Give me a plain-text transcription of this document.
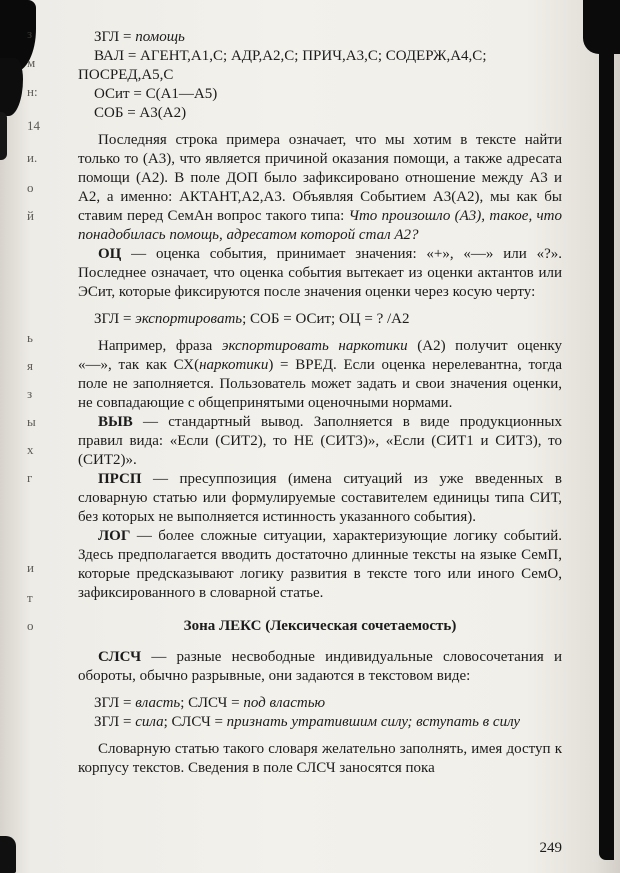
ЗГЛ = помощь
ВАЛ = АГЕНТ,А1,С; АДР,А2,С; ПРИЧ,А3,С; СОДЕРЖ,А4,С; ПОСРЕД,А5,С
ОСит = С(А1—А5)
СОБ = А3(А2)
Последняя строка примера означает, что мы хотим в тексте найти только то (А3), что является причиной оказания помощи, а также адресата помощи (А2). В поле ДОП было зафиксировано отношение между А3 и А2, а именно: АКТАНТ,А2,А3. Объявляя Событием А3(А2), мы как бы ставим перед СемАн вопрос такого типа: Что произошло (А3), такое, что понадобилась помощь, адресатом которой стал А2?
ОЦ — оценка события, принимает значения: «+», «—» или «?». Последнее означает, что оценка события вытекает из оценки актантов или ЭСит, которые фиксируются после значения оценки через косую черту:
ЗГЛ = экспортировать; СОБ = ОСит; ОЦ = ? /А2
Например, фраза экспортировать наркотики (А2) получит оценку «—», так как СХ(наркотики) = ВРЕД. Если оценка нерелевантна, тогда поле не заполняется. Пользователь может задать и свои значения оценки, не совпадающие с общепринятыми оценочными нормами.
ВЫВ — стандартный вывод. Заполняется в виде продукционных правил вида: «Если (СИТ2), то НЕ (СИТ3)», «Если (СИТ1 и СИТ3), то (СИТ2)».
ПРСП — пресуппозиция (имена ситуаций из уже введенных в словарную статью или формулируемые составителем единицы типа СИТ, без которых не выполняется истинность указанного события).
ЛОГ — более сложные ситуации, характеризующие логику событий. Здесь предполагается вводить достаточно длинные тексты на языке СемП, которые предсказывают логику развития в тексте того или иного СемО, зафиксированного в словарной статье.
Зона ЛЕКС (Лексическая сочетаемость)
СЛСЧ — разные несвободные индивидуальные словосочетания и обороты, обычно разрывные, они задаются в текстовом виде:
ЗГЛ = власть; СЛСЧ = под властью
ЗГЛ = сила; СЛСЧ = признать утратившим силу; вступать в силу
Словарную статью такого словаря желательно заполнять, имея доступ к корпусу текстов. Сведения в поле СЛСЧ заносятся пока
249
з
м
н:
14
и.
о
й
ь
я
з
ы
х
г
и
т
о
